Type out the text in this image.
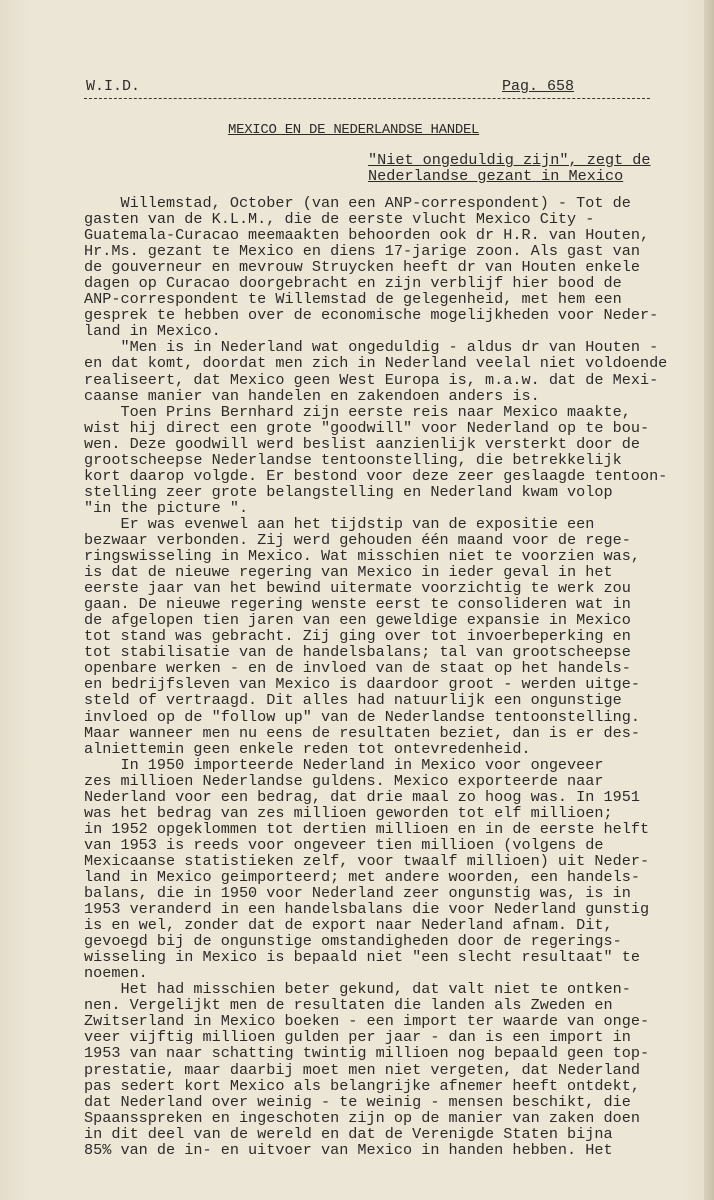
W.I.D.	Pag. 658
MEXICO EN DE NEDERLANDSE HANDEL
"Niet ongeduldig zijn", zegt de
Nederlandse gezant in Mexico
Willemstad, October (van een ANP-correspondent) - Tot de
gasten van de K.L.M., die de eerste vlucht Mexico City -
Guatemala-Curacao meemaakten behoorden ook dr H.R. van Houten,
Hr.Ms. gezant te Mexico en diens 17-jarige zoon. Als gast van
de gouverneur en mevrouw Struycken heeft dr van Houten enkele
dagen op Curacao doorgebracht en zijn verblijf hier bood de
ANP-correspondent te Willemstad de gelegenheid, met hem een
gesprek te hebben over de economische mogelijkheden voor Neder-
land in Mexico.
"Men is in Nederland wat ongeduldig - aldus dr van Houten -
en dat komt, doordat men zich in Nederland veelal niet voldoende
realiseert, dat Mexico geen West Europa is, m.a.w. dat de Mexi-
caanse manier van handelen en zakendoen anders is.
Toen Prins Bernhard zijn eerste reis naar Mexico maakte,
wist hij direct een grote "goodwill" voor Nederland op te bou-
wen. Deze goodwill werd beslist aanzienlijk versterkt door de
grootscheepse Nederlandse tentoonstelling, die betrekkelijk
kort daarop volgde. Er bestond voor deze zeer geslaagde tentoon-
stelling zeer grote belangstelling en Nederland kwam volop
"in the picture ".
Er was evenwel aan het tijdstip van de expositie een
bezwaar verbonden. Zij werd gehouden één maand voor de rege-
ringswisseling in Mexico. Wat misschien niet te voorzien was,
is dat de nieuwe regering van Mexico in ieder geval in het
eerste jaar van het bewind uitermate voorzichtig te werk zou
gaan. De nieuwe regering wenste eerst te consolideren wat in
de afgelopen tien jaren van een geweldige expansie in Mexico
tot stand was gebracht. Zij ging over tot invoerbeperking en
tot stabilisatie van de handelsbalans; tal van grootscheepse
openbare werken - en de invloed van de staat op het handels-
en bedrijfsleven van Mexico is daardoor groot - werden uitge-
steld of vertraagd. Dit alles had natuurlijk een ongunstige
invloed op de "follow up" van de Nederlandse tentoonstelling.
Maar wanneer men nu eens de resultaten beziet, dan is er des-
alniettemin geen enkele reden tot ontevredenheid.
In 1950 importeerde Nederland in Mexico voor ongeveer
zes millioen Nederlandse guldens. Mexico exporteerde naar
Nederland voor een bedrag, dat drie maal zo hoog was. In 1951
was het bedrag van zes millioen geworden tot elf millioen;
in 1952 opgeklommen tot dertien millioen en in de eerste helft
van 1953 is reeds voor ongeveer tien millioen (volgens de
Mexicaanse statistieken zelf, voor twaalf millioen) uit Neder-
land in Mexico geimporteerd; met andere woorden, een handels-
balans, die in 1950 voor Nederland zeer ongunstig was, is in
1953 veranderd in een handelsbalans die voor Nederland gunstig
is en wel, zonder dat de export naar Nederland afnam. Dit,
gevoegd bij de ongunstige omstandigheden door de regerings-
wisseling in Mexico is bepaald niet "een slecht resultaat" te
noemen.
Het had misschien beter gekund, dat valt niet te ontken-
nen. Vergelijkt men de resultaten die landen als Zweden en
Zwitserland in Mexico boeken - een import ter waarde van onge-
veer vijftig millioen gulden per jaar - dan is een import in
1953 van naar schatting twintig millioen nog bepaald geen top-
prestatie, maar daarbij moet men niet vergeten, dat Nederland
pas sedert kort Mexico als belangrijke afnemer heeft ontdekt,
dat Nederland over weinig - te weinig - mensen beschikt, die
Spaansspreken en ingeschoten zijn op de manier van zaken doen
in dit deel van de wereld en dat de Verenigde Staten bijna
85% van de in- en uitvoer van Mexico in handen hebben. Het
